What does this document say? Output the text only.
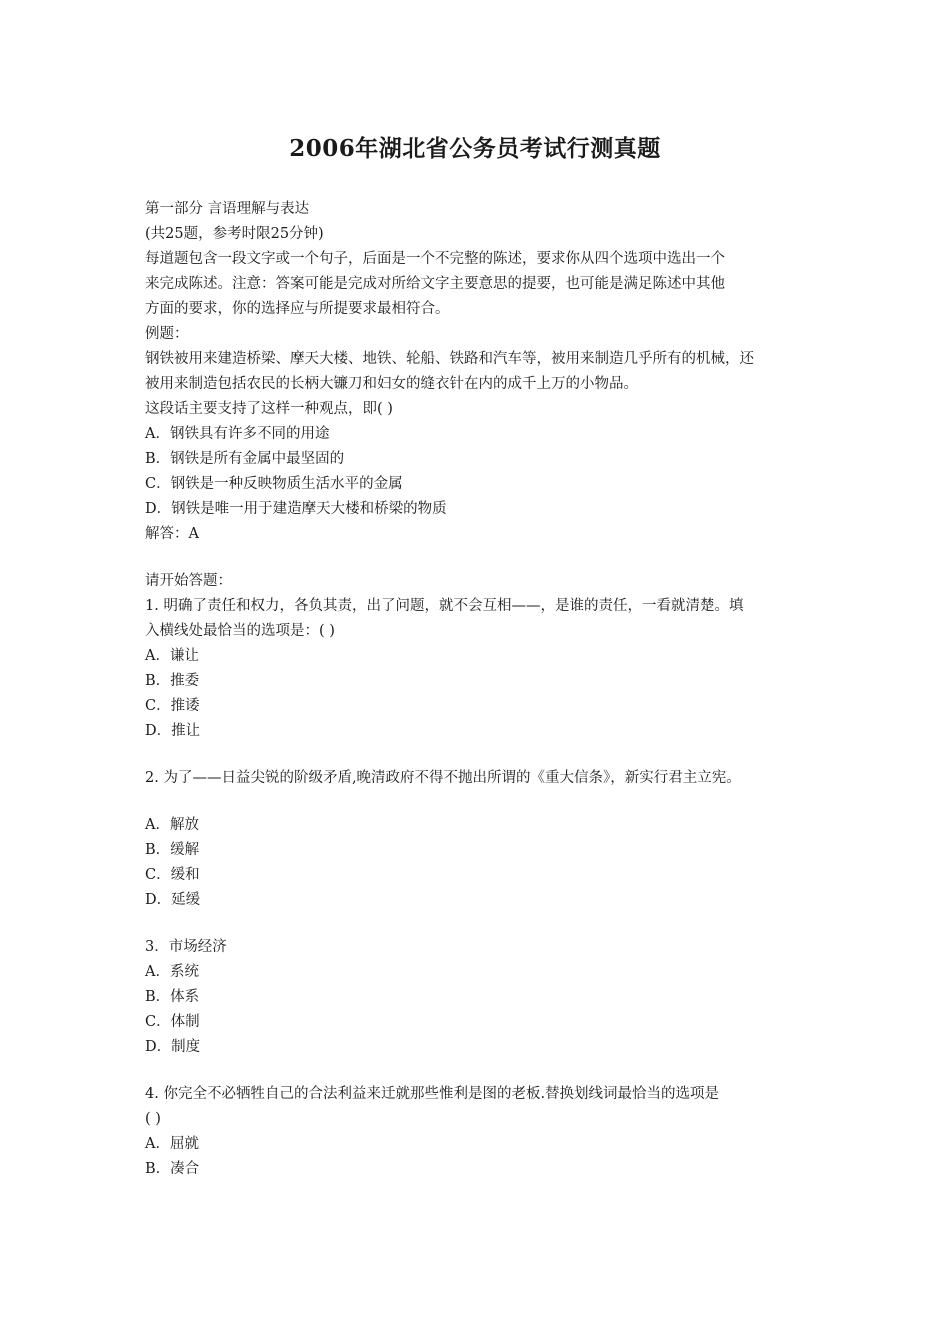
2006年湖北省公务员考试行测真题
第一部分 言语理解与表达
(共25题，参考时限25分钟)
每道题包含一段文字或一个句子，后面是一个不完整的陈述，要求你从四个选项中选出一个
来完成陈述。注意：答案可能是完成对所给文字主要意思的提要，也可能是满足陈述中其他
方面的要求，你的选择应与所提要求最相符合。
例题：
钢铁被用来建造桥梁、摩天大楼、地铁、轮船、铁路和汽车等，被用来制造几乎所有的机械，还
被用来制造包括农民的长柄大镰刀和妇女的缝衣针在内的成千上万的小物品。
这段话主要支持了这样一种观点，即( )
A．钢铁具有许多不同的用途
B．钢铁是所有金属中最坚固的
C．钢铁是一种反映物质生活水平的金属
D．钢铁是唯一用于建造摩天大楼和桥梁的物质
解答：A
请开始答题：
1. 明确了责任和权力，各负其责，出了问题，就不会互相——，是谁的责任，一看就清楚。填
入横线处最恰当的选项是：( )
A．谦让
B．推委
C．推诿
D．推让
2. 为了——日益尖锐的阶级矛盾,晚清政府不得不抛出所谓的《重大信条》，新实行君主立宪。
A．解放
B．缓解
C．缓和
D．延缓
3．市场经济
A．系统
B．体系
C．体制
D．制度
4. 你完全不必牺牲自己的合法利益来迁就那些惟利是图的老板.替换划线词最恰当的选项是
( )
A．屈就
B．凑合
